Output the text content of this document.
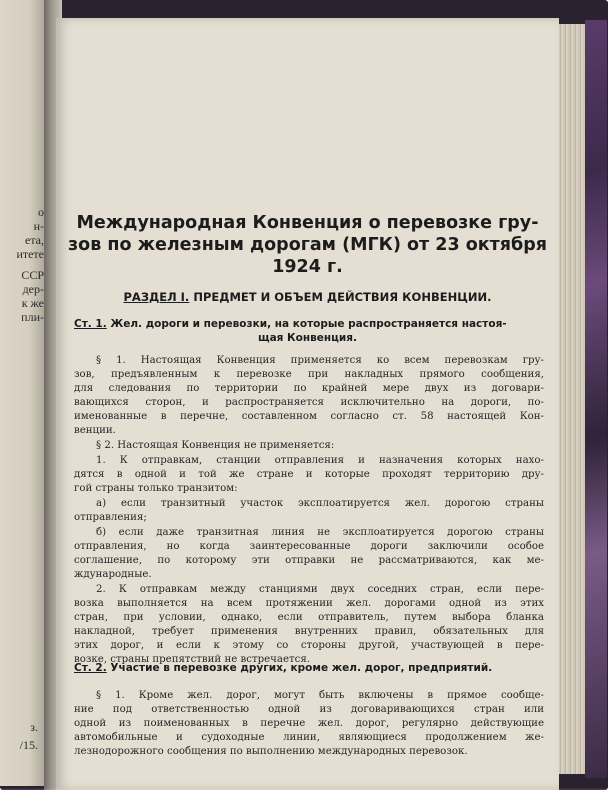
о
н-
ета,
итете
ССР
дер-
к же
пли-
з.
/15.
Международная Конвенция о перевозке гру-
зов по железным дорогам (МГК) от 23 октября
1924 г.
РАЗДЕЛ I. ПРЕДМЕТ И ОБЪЕМ ДЕЙСТВИЯ КОНВЕНЦИИ.
Ст. 1. Жел. дороги и перевозки, на которые распространяется настоя-
щая Конвенция.
§ 1. Настоящая Конвенция применяется ко всем перевозкам гру-
зов, предъявленным к перевозке при накладных прямого сообщения,
для следования по территории по крайней мере двух из договари-
вающихся сторон, и распространяется исключительно на дороги, по-
именованные в перечне, составленном согласно ст. 58 настоящей Кон-
венции.
§ 2. Настоящая Конвенция не применяется:
1. К отправкам, станции отправления и назначения которых нахо-
дятся в одной и той же стране и которые проходят территорию дру-
гой страны только транзитом:
а) если транзитный участок эксплоатируется жел. дорогою страны
отправления;
б) если даже транзитная линия не эксплоатируется дорогою страны
отправления, но когда заинтересованные дороги заключили особое
соглашение, по которому эти отправки не рассматриваются, как ме-
ждународные.
2. К отправкам между станциями двух соседних стран, если пере-
возка выполняется на всем протяжении жел. дорогами одной из этих
стран, при условии, однако, если отправитель, путем выбора бланка
накладной, требует применения внутренних правил, обязательных для
этих дорог, и если к этому со стороны другой, участвующей в пере-
возке, страны препятствий не встречается.
Ст. 2. Участие в перевозке других, кроме жел. дорог, предприятий.
§ 1. Кроме жел. дорог, могут быть включены в прямое сообще-
ние под ответственностью одной из договаривающихся стран или
одной из поименованных в перечне жел. дорог, регулярно действующие
автомобильные и судоходные линии, являющиеся продолжением же-
лезнодорожного сообщения по выполнению международных перевозок.
